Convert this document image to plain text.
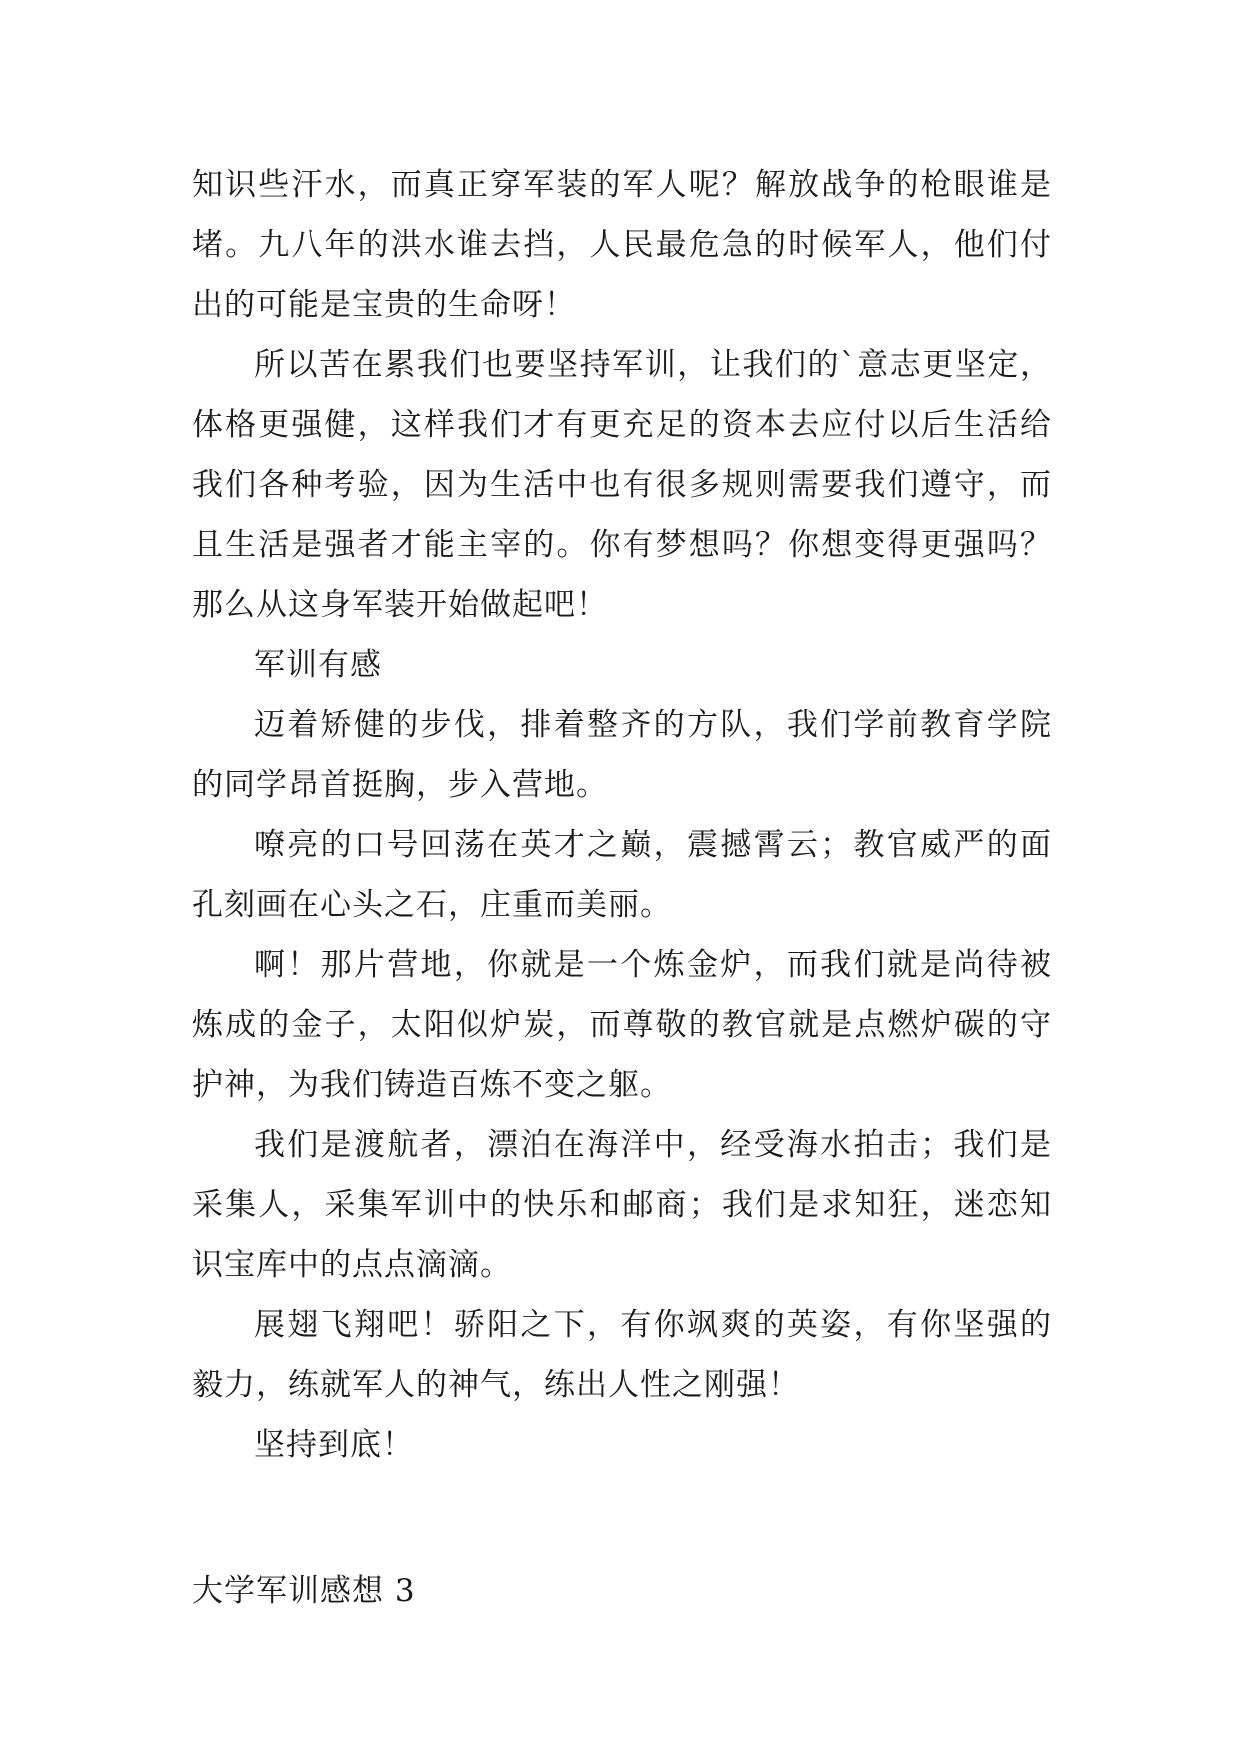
知识些汗水，而真正穿军装的军人呢？解放战争的枪眼谁是
堵。九八年的洪水谁去挡，人民最危急的时候军人，他们付
出的可能是宝贵的生命呀！
所以苦在累我们也要坚持军训，让我们的`意志更坚定，
体格更强健，这样我们才有更充足的资本去应付以后生活给
我们各种考验，因为生活中也有很多规则需要我们遵守，而
且生活是强者才能主宰的。你有梦想吗？你想变得更强吗？
那么从这身军装开始做起吧！
军训有感
迈着矫健的步伐，排着整齐的方队，我们学前教育学院
的同学昂首挺胸，步入营地。
嘹亮的口号回荡在英才之巅，震撼霄云；教官威严的面
孔刻画在心头之石，庄重而美丽。
啊！那片营地，你就是一个炼金炉，而我们就是尚待被
炼成的金子，太阳似炉炭，而尊敬的教官就是点燃炉碳的守
护神，为我们铸造百炼不变之躯。
我们是渡航者，漂泊在海洋中，经受海水拍击；我们是
采集人，采集军训中的快乐和邮商；我们是求知狂，迷恋知
识宝库中的点点滴滴。
展翅飞翔吧！骄阳之下，有你飒爽的英姿，有你坚强的
毅力，练就军人的神气，练出人性之刚强！
坚持到底！
大学军训感想 3
